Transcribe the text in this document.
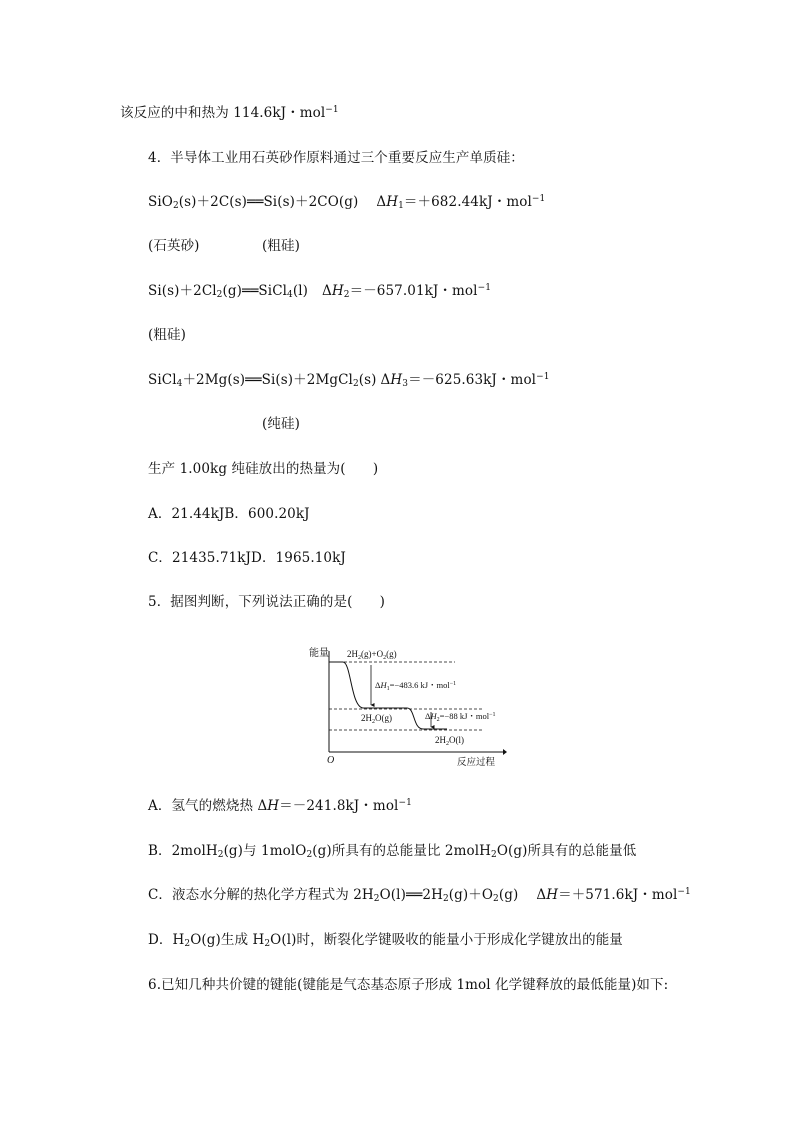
该反应的中和热为 114.6kJ・mol$^{-1}$
4．半导体工业用石英砂作原料通过三个重要反应生产单质硅：
SiO$_2$(s)＋2C(s)══Si(s)＋2CO(g) $\Delta H_1=+682.44kJ$・mol$^{-1}$
(石英砂)	(粗硅)
$Si(s)+2Cl_2(g)══SiCl_4(l)$ $\Delta H_2=-657.01kJ$・mol$^{-1}$
(粗硅)
SiCl$_4$＋2Mg(s)══Si(s)＋2MgCl$_2$(s) $\Delta H_3=-625.63kJ$・mol$^{-1}$
(纯硅)
生产 1.00kg 纯硅放出的热量为(　　)
A．21.44kJB．600.20kJ
C．21435.71kJD．1965.10kJ
5．据图判断，下列说法正确的是(　　)
能量
O	反应过程
$2H_2(g)+O_2(g)$
$\Delta H_1=-483.6$ kJ・mol$^{-1}$
$2H_2O(g)$	$\Delta H_2=-88$ kJ・mol$^{-1}$
$2H_2O(l)$
A．氢气的燃烧热 ΔH＝－241.8kJ・mol$^{-1}$
B．2molH$_2$(g)与 1molO$_2$(g)所具有的总能量比 2molH$_2$O(g)所具有的总能量低
C．液态水分解的热化学方程式为 $2H_2O(l)══2H_2(g)+O_2(g)$ ΔH＝＋571.6kJ・mol$^{-1}$
D．$H_2O(g)$生成 $H_2O(l)$时，断裂化学键吸收的能量小于形成化学键放出的能量
6.已知几种共价键的键能(键能是气态基态原子形成 1mol 化学键释放的最低能量)如下:
